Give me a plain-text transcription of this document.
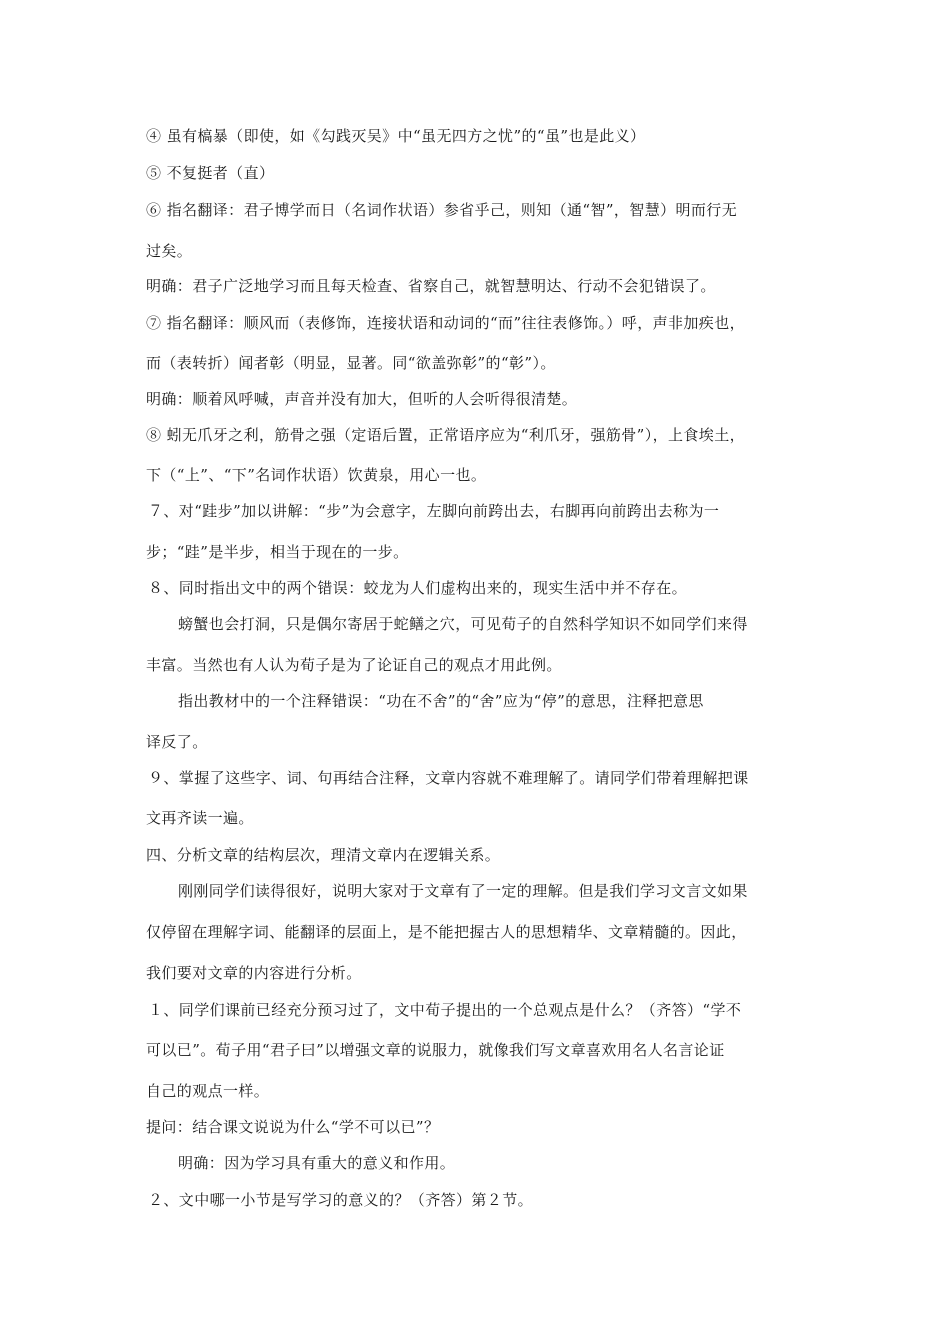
④ 虽有槁暴（即使，如《勾践灭吴》中“虽无四方之忧”的“虽”也是此义）
⑤ 不复挺者（直）
⑥ 指名翻译：君子博学而日（名词作状语）参省乎己，则知（通“智”，智慧）明而行无
过矣。
明确：君子广泛地学习而且每天检查、省察自己，就智慧明达、行动不会犯错误了。
⑦ 指名翻译：顺风而（表修饰，连接状语和动词的“而”往往表修饰。）呼，声非加疾也，
而（表转折）闻者彰（明显，显著。同“欲盖弥彰”的“彰”）。
明确：顺着风呼喊，声音并没有加大，但听的人会听得很清楚。
⑧ 蚓无爪牙之利，筋骨之强（定语后置，正常语序应为“利爪牙，强筋骨”），上食埃土，
下（“上”、“下”名词作状语）饮黄泉，用心一也。
７、对“跬步”加以讲解：“步”为会意字，左脚向前跨出去，右脚再向前跨出去称为一
步；“跬”是半步，相当于现在的一步。
８、同时指出文中的两个错误：蛟龙为人们虚构出来的，现实生活中并不存在。
螃蟹也会打洞，只是偶尔寄居于蛇鳝之穴，可见荀子的自然科学知识不如同学们来得
丰富。当然也有人认为荀子是为了论证自己的观点才用此例。
指出教材中的一个注释错误：“功在不舍”的“舍”应为“停”的意思，注释把意思
译反了。
９、掌握了这些字、词、句再结合注释，文章内容就不难理解了。请同学们带着理解把课
文再齐读一遍。
四、分析文章的结构层次，理清文章内在逻辑关系。
刚刚同学们读得很好，说明大家对于文章有了一定的理解。但是我们学习文言文如果
仅停留在理解字词、能翻译的层面上，是不能把握古人的思想精华、文章精髓的。因此，
我们要对文章的内容进行分析。
１、同学们课前已经充分预习过了，文中荀子提出的一个总观点是什么？（齐答）“学不
可以已”。荀子用“君子曰”以增强文章的说服力，就像我们写文章喜欢用名人名言论证
自己的观点一样。
提问：结合课文说说为什么“学不可以已”？
明确：因为学习具有重大的意义和作用。
２、文中哪一小节是写学习的意义的？（齐答）第２节。
